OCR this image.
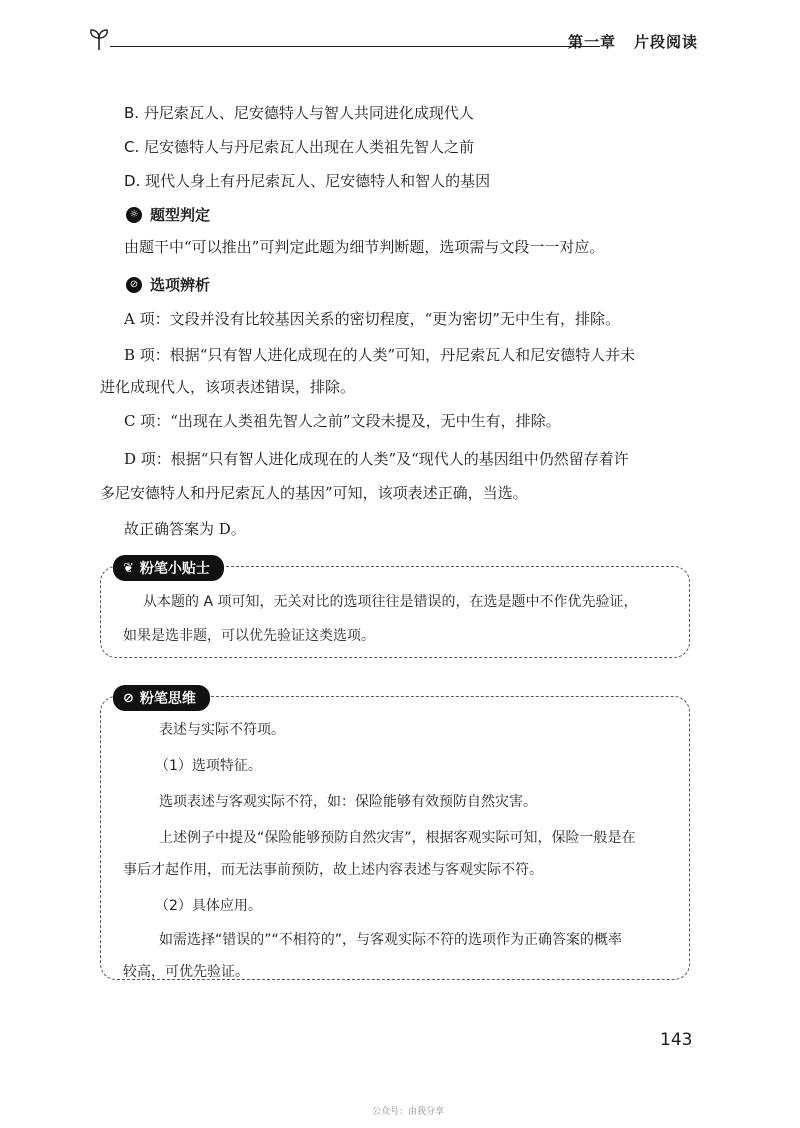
第一章 片段阅读
B. 丹尼索瓦人、尼安德特人与智人共同进化成现代人
C. 尼安德特人与丹尼索瓦人出现在人类祖先智人之前
D. 现代人身上有丹尼索瓦人、尼安德特人和智人的基因
☼ 题型判定
由题干中“可以推出”可判定此题为细节判断题，选项需与文段一一对应。
⊘ 选项辨析
A 项：文段并没有比较基因关系的密切程度，“更为密切”无中生有，排除。
B 项：根据“只有智人进化成现在的人类”可知，丹尼索瓦人和尼安德特人并未
进化成现代人，该项表述错误，排除。
C 项：“出现在人类祖先智人之前”文段未提及，无中生有，排除。
D 项：根据“只有智人进化成现在的人类”及“现代人的基因组中仍然留存着许
多尼安德特人和丹尼索瓦人的基因”可知，该项表述正确，当选。
故正确答案为 D。
❦ 粉笔小贴士
从本题的 A 项可知，无关对比的选项往往是错误的，在选是题中不作优先验证，
如果是选非题，可以优先验证这类选项。
⊘ 粉笔思维
表述与实际不符项。
（1）选项特征。
选项表述与客观实际不符，如：保险能够有效预防自然灾害。
上述例子中提及“保险能够预防自然灾害”，根据客观实际可知，保险一般是在
事后才起作用，而无法事前预防，故上述内容表述与客观实际不符。
（2）具体应用。
如需选择“错误的”“不相符的”，与客观实际不符的选项作为正确答案的概率
较高，可优先验证。
143
公众号：由我分享
